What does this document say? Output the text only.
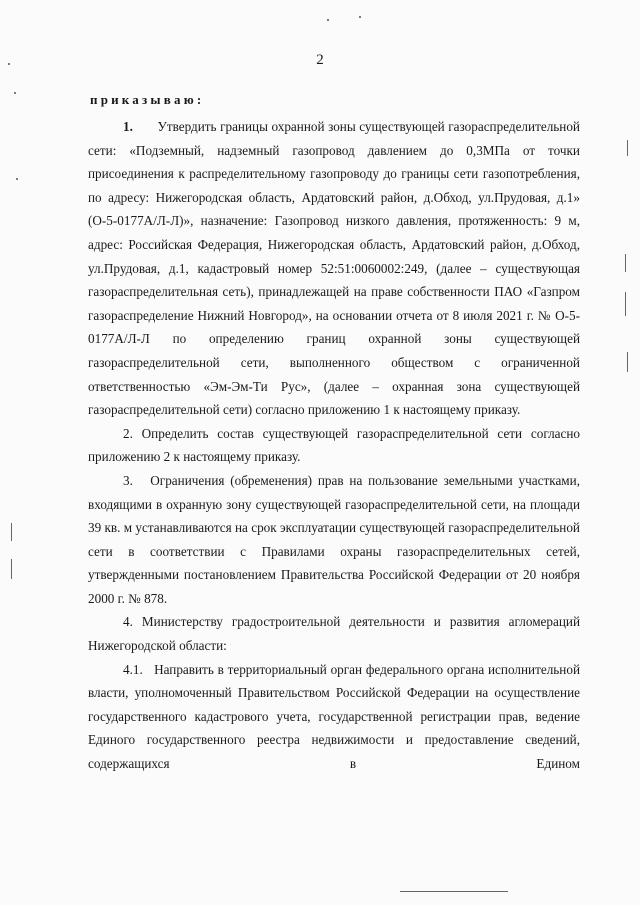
2
приказываю:

1. Утвердить границы охранной зоны существующей газораспределительной сети: «Подземный, надземный газопровод давлением до 0,3МПа от точки присоединения к распределительному газопроводу до границы сети газопотребления, по адресу: Нижегородская область, Ардатовский район, д.Обход, ул.Прудовая, д.1» (О-5-0177А/Л-Л)», назначение: Газопровод низкого давления, протяженность: 9 м, адрес: Российская Федерация, Нижегородская область, Ардатовский район, д.Обход, ул.Прудовая, д.1, кадастровый номер 52:51:0060002:249, (далее – существующая газораспределительная сеть), принадлежащей на праве собственности ПАО «Газпром газораспределение Нижний Новгород», на основании отчета от 8 июля 2021 г. № О-5-0177А/Л-Л по определению границ охранной зоны существующей газораспределительной сети, выполненного обществом с ограниченной ответственностью «Эм-Эм-Ти Рус», (далее – охранная зона существующей газораспределительной сети) согласно приложению 1 к настоящему приказу.

2. Определить состав существующей газораспределительной сети согласно приложению 2 к настоящему приказу.

3. Ограничения (обременения) прав на пользование земельными участками, входящими в охранную зону существующей газораспределительной сети, на площади 39 кв. м устанавливаются на срок эксплуатации существующей газораспределительной сети в соответствии с Правилами охраны газораспределительных сетей, утвержденными постановлением Правительства Российской Федерации от 20 ноября 2000 г. № 878.

4. Министерству градостроительной деятельности и развития агломераций Нижегородской области:

4.1. Направить в территориальный орган федерального органа исполнительной власти, уполномоченный Правительством Российской Федерации на осуществление государственного кадастрового учета, государственной регистрации прав, ведение Единого государственного реестра недвижимости и предоставление сведений, содержащихся в Едином
